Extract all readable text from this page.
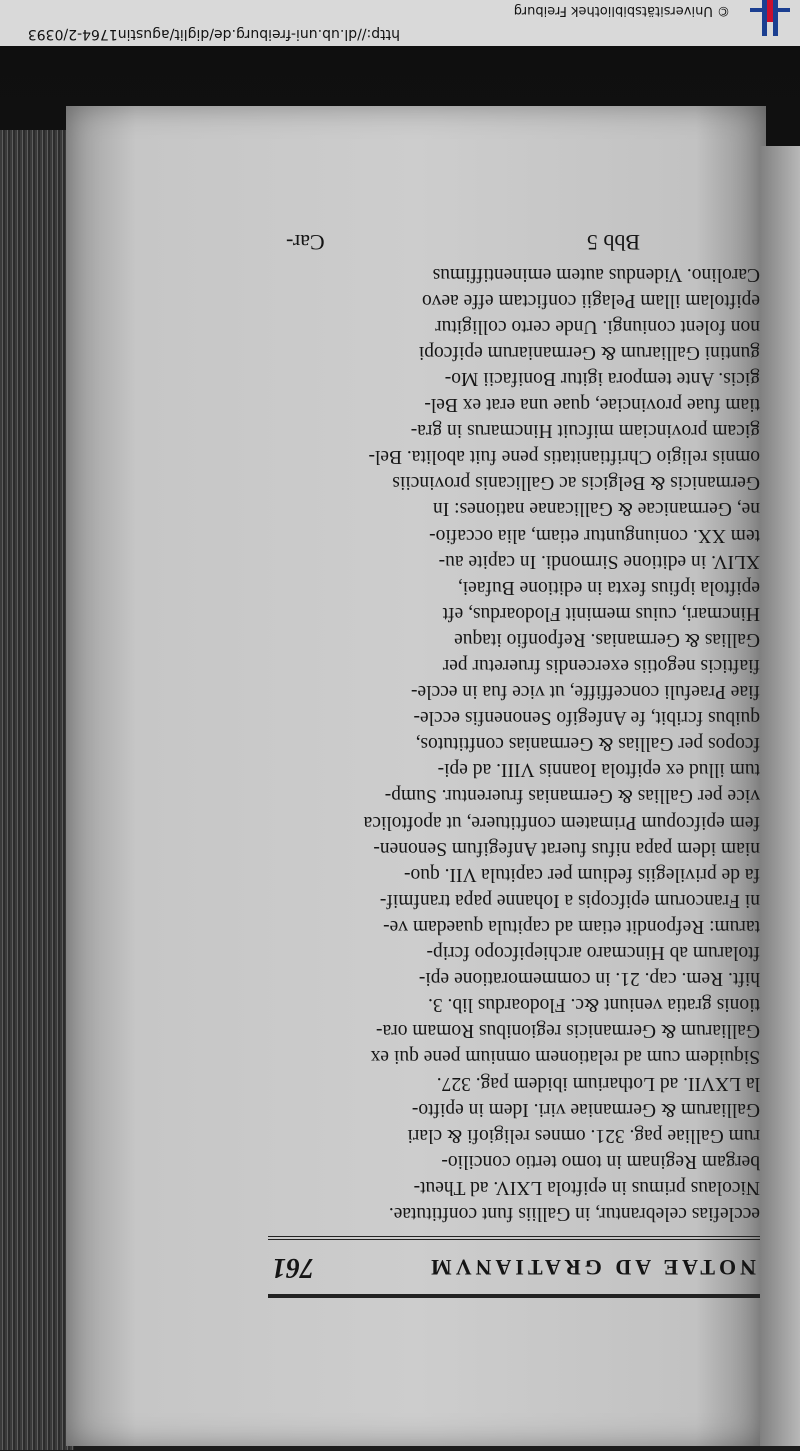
http://dl.ub.uni-freiburg.de/diglit/agustin1764-2/0393
© Universitätsbibliothek Freiburg
NOTAE AD GRATIANVM
761
ecclefias celebrantur, in Galliis funt conftitutae.
Nicolaus primus in epiftola LXIV. ad Theut-
bergam Reginam in tomo tertio concilio-
rum Galliae pag. 321. omnes religiofi & clari
Galliarum & Germaniae viri. Idem in epifto-
la LXVII. ad Lotharium ibidem pag. 327.
Siquidem cum ad relationem omnium pene qui ex
Galliarum & Germanicis regionibus Romam ora-
tionis gratia veniunt &c. Flodoardus lib. 3.
hift. Rem. cap. 21. in commemoratione epi-
ftolarum ab Hincmaro archiepifcopo fcrip-
tarum: Refpondit etiam ad capitula quaedam ve-
ni Francorum epifcopis a Iohanne papa tranfmif-
fa de privilegiis fedium per capitula VII. quo-
niam idem papa nifus fuerat Anfegifum Senonen-
fem epifcopum Primatem conftituere, ut apoftolica
vice per Gallias & Germanias fruerentur. Sump-
tum illud ex epiftola Ioannis VIII. ad epi-
fcopos per Gallias & Germanias conftitutos,
quibus fcribit, fe Anfegifo Senonenfis eccle-
fiae Praefuli conceffiffe, ut vice fua in eccle-
fiafticis negotiis exercendis frueretur per
Gallias & Germanias. Refponfio itaque
Hincmari, cuius meminit Flodoardus, eft
epiftola ipfius fexta in editione Bufaei,
XLIV. in editione Sirmondi. In capite au-
tem XX. coniunguntur etiam, alia occafio-
ne, Germanicae & Gallicanae nationes: In
Germanicis & Belgicis ac Gallicanis provinciis
omnis religio Chriftianitatis pene fuit abolita. Bel-
gicam provinciam mifcuit Hincmarus in gra-
tiam fuae provinciae, quae una erat ex Bel-
gicis. Ante tempora igitur Bonifacii Mo-
guntini Galliarum & Germaniarum epifcopi
non folent coniungi. Unde certo colligitur
epiftolam illam Pelagii confictam effe aevo
Carolino. Videndus autem eminentiffimus
Bbb 5
Car-
